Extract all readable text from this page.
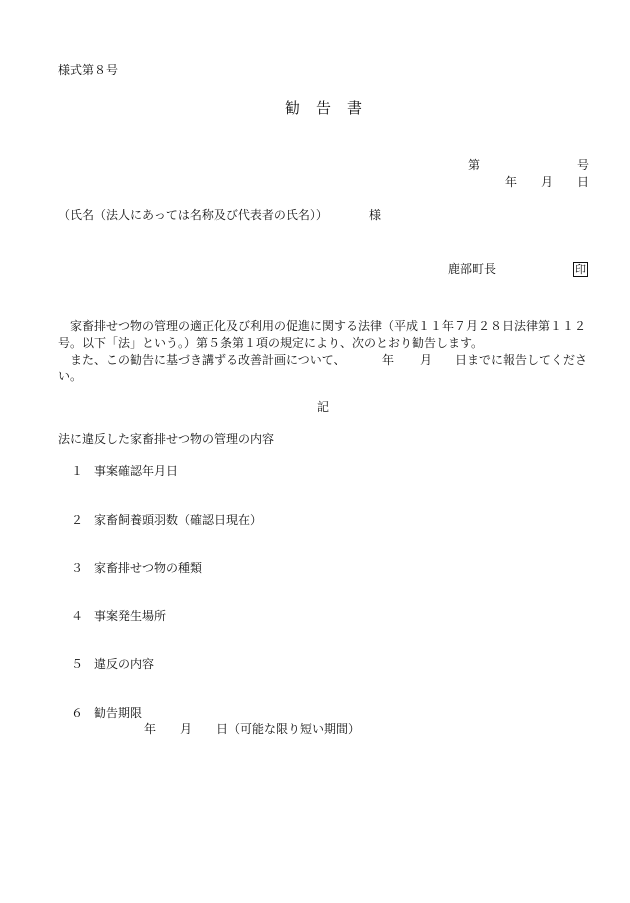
様式第８号
勧 告 書
第	号
年 月 日
（氏名（法人にあっては名称及び代表者の氏名））	様
鹿部町長	印
家畜排せつ物の管理の適正化及び利用の促進に関する法律（平成１１年７月２８日法律第１１２
号。以下「法」という。）第５条第１項の規定により、次のとおり勧告します。
また、この勧告に基づき講ずる改善計画について、	年 月 日までに報告してくださ
い。
記
法に違反した家畜排せつ物の管理の内容
１ 事案確認年月日
２ 家畜飼養頭羽数（確認日現在）
３ 家畜排せつ物の種類
４ 事案発生場所
５ 違反の内容
６ 勧告期限
年 月 日（可能な限り短い期間）
